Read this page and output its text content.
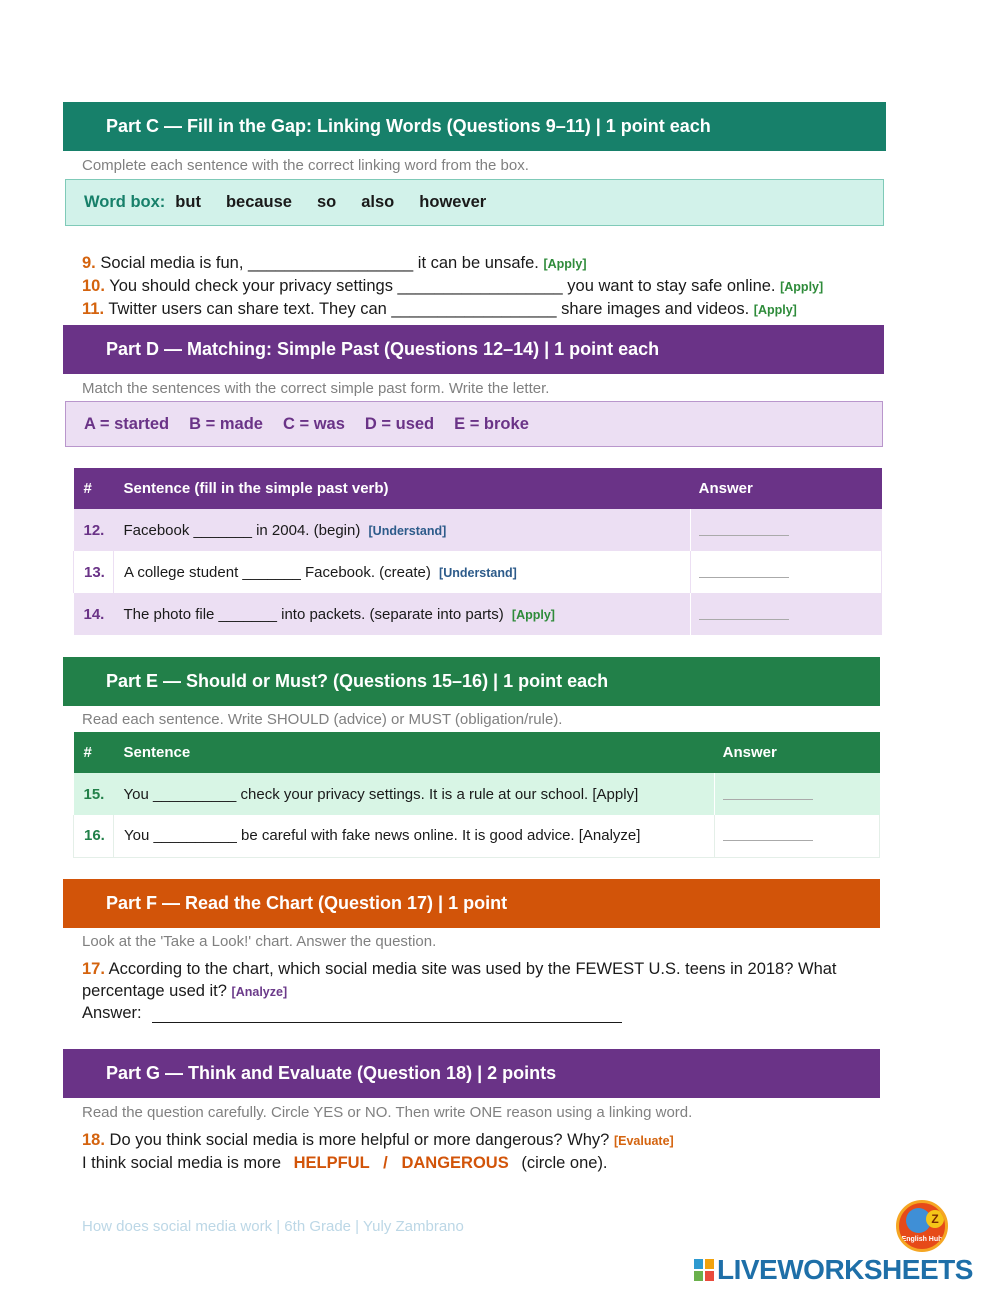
Part C — Fill in the Gap: Linking Words (Questions 9–11) | 1 point each
Complete each sentence with the correct linking word from the box.
Word box: but because so also however
9. Social media is fun, __________________ it can be unsafe. [Apply]
10. You should check your privacy settings __________________ you want to stay safe online. [Apply]
11. Twitter users can share text. They can __________________ share images and videos. [Apply]
Part D — Matching: Simple Past (Questions 12–14) | 1 point each
Match the sentences with the correct simple past form. Write the letter.
A = started B = made C = was D = used E = broke
#	Sentence (fill in the simple past verb)	Answer
12.	Facebook _______ in 2004. (begin) [Understand]	
13.	A college student _______ Facebook. (create) [Understand]	
14.	The photo file _______ into packets. (separate into parts) [Apply]	
Part E — Should or Must? (Questions 15–16) | 1 point each
Read each sentence. Write SHOULD (advice) or MUST (obligation/rule).
#	Sentence	Answer
15.	You __________ check your privacy settings. It is a rule at our school. [Apply]	
16.	You __________ be careful with fake news online. It is good advice. [Analyze]	
Part F — Read the Chart (Question 17) | 1 point
Look at the 'Take a Look!' chart. Answer the question.
17. According to the chart, which social media site was used by the FEWEST U.S. teens in 2018? What
percentage used it? [Analyze]
Answer:
Part G — Think and Evaluate (Question 18) | 2 points
Read the question carefully. Circle YES or NO. Then write ONE reason using a linking word.
18. Do you think social media is more helpful or more dangerous? Why? [Evaluate]
I think social media is more HELPFUL   /   DANGEROUS (circle one).
How does social media work | 6th Grade | Yuly Zambrano	Z
English Hub
LIVEWORKSHEETS
